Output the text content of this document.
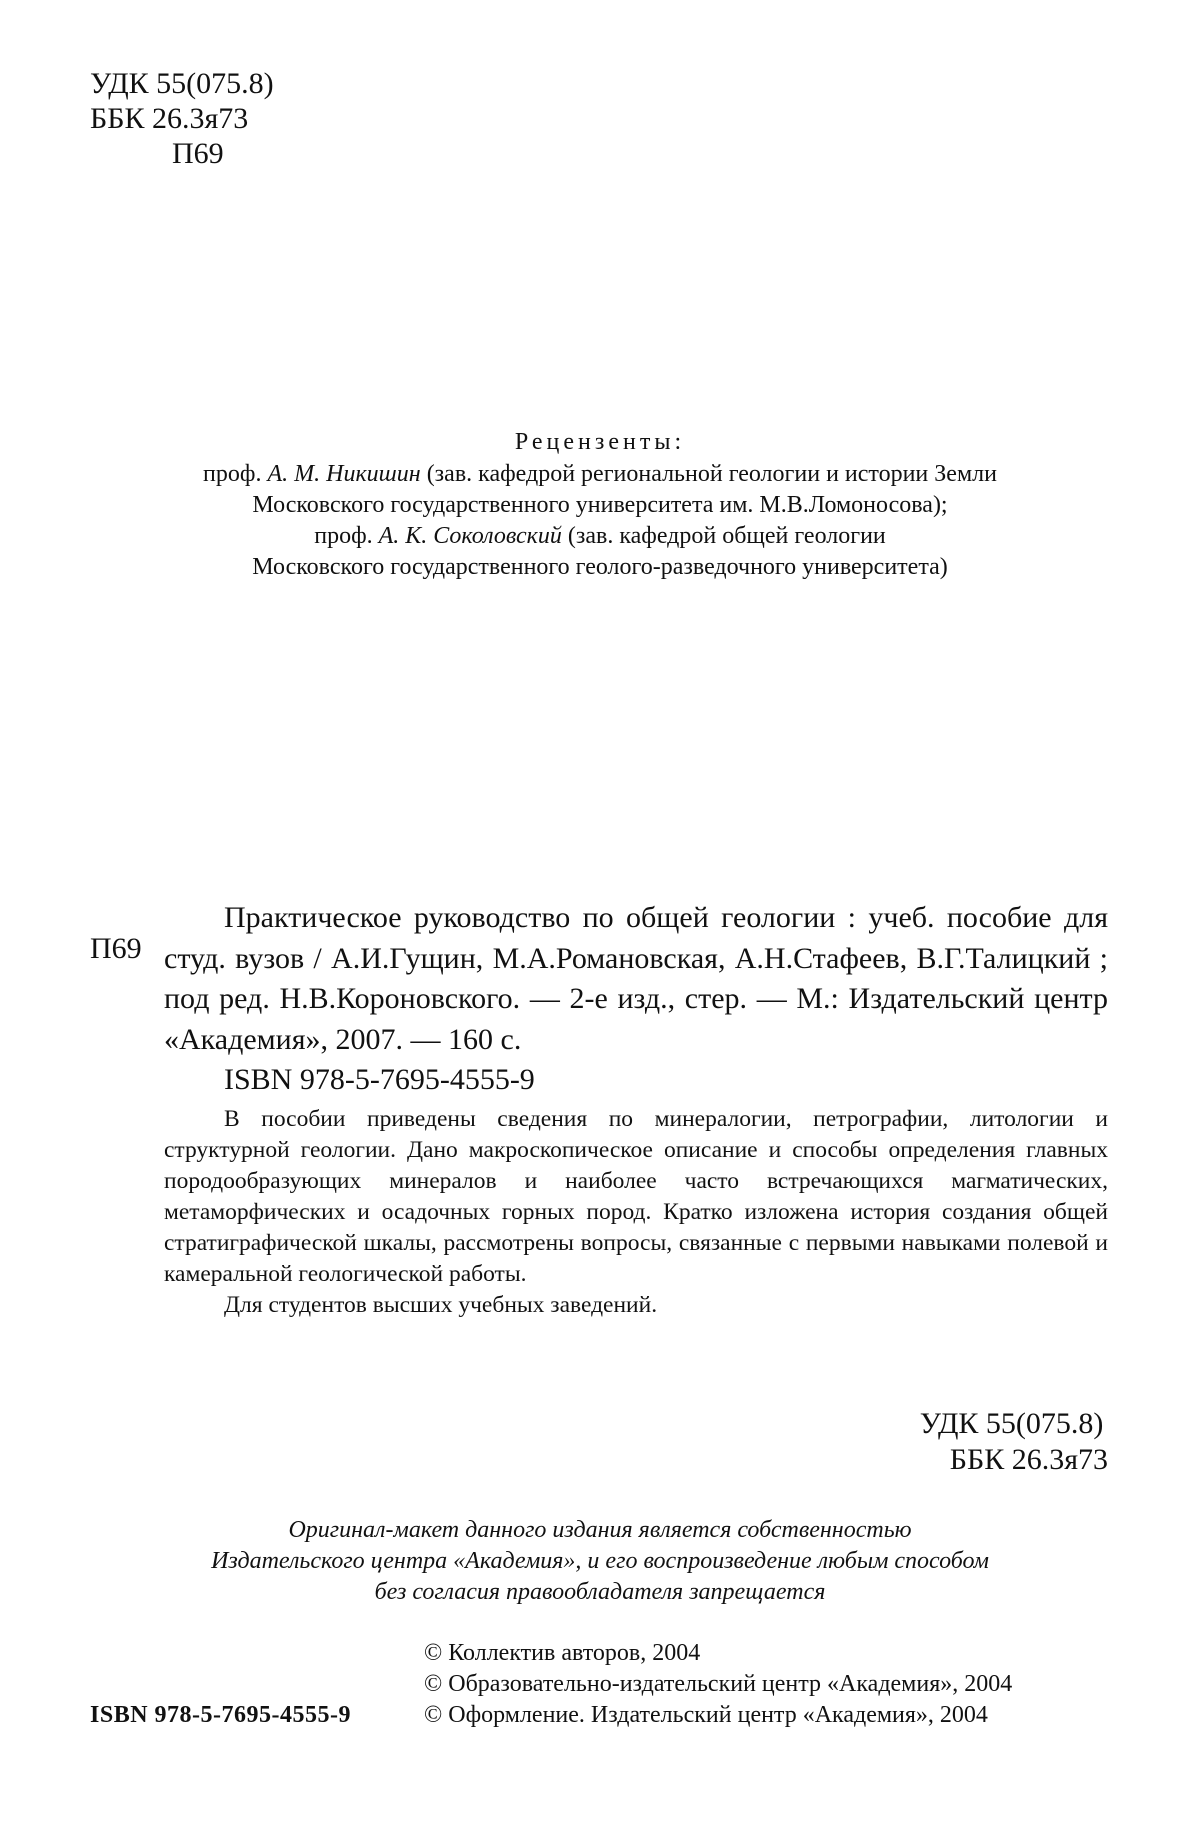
УДК 55(075.8)
ББК 26.3я73
П69
Рецензенты:
проф. А. М. Никишин (зав. кафедрой региональной геологии и истории Земли
Московского государственного университета им. М.В.Ломоносова);
проф. А. К. Соколовский (зав. кафедрой общей геологии
Московского государственного геолого-разведочного университета)
П69
Практическое руководство по общей геологии : учеб. пособие для студ. вузов / А.И.Гущин, М.А.Романовская, А.Н.Стафеев, В.Г.Талицкий ; под ред. Н.В.Короновского. — 2-е изд., стер. — М.: Издательский центр «Академия», 2007. — 160 с.
ISBN 978-5-7695-4555-9
В пособии приведены сведения по минералогии, петрографии, литологии и структурной геологии. Дано макроскопическое описание и способы определения главных породообразующих минералов и наиболее часто встречающихся магматических, метаморфических и осадочных горных пород. Кратко изложена история создания общей стратиграфической шкалы, рассмотрены вопросы, связанные с первыми навыками полевой и камеральной геологической работы.
Для студентов высших учебных заведений.
УДК 55(075.8)
ББК 26.3я73
Оригинал-макет данного издания является собственностью
Издательского центра «Академия», и его воспроизведение любым способом
без согласия правообладателя запрещается
© Коллектив авторов, 2004
© Образовательно-издательский центр «Академия», 2004
© Оформление. Издательский центр «Академия», 2004
ISBN 978-5-7695-4555-9
